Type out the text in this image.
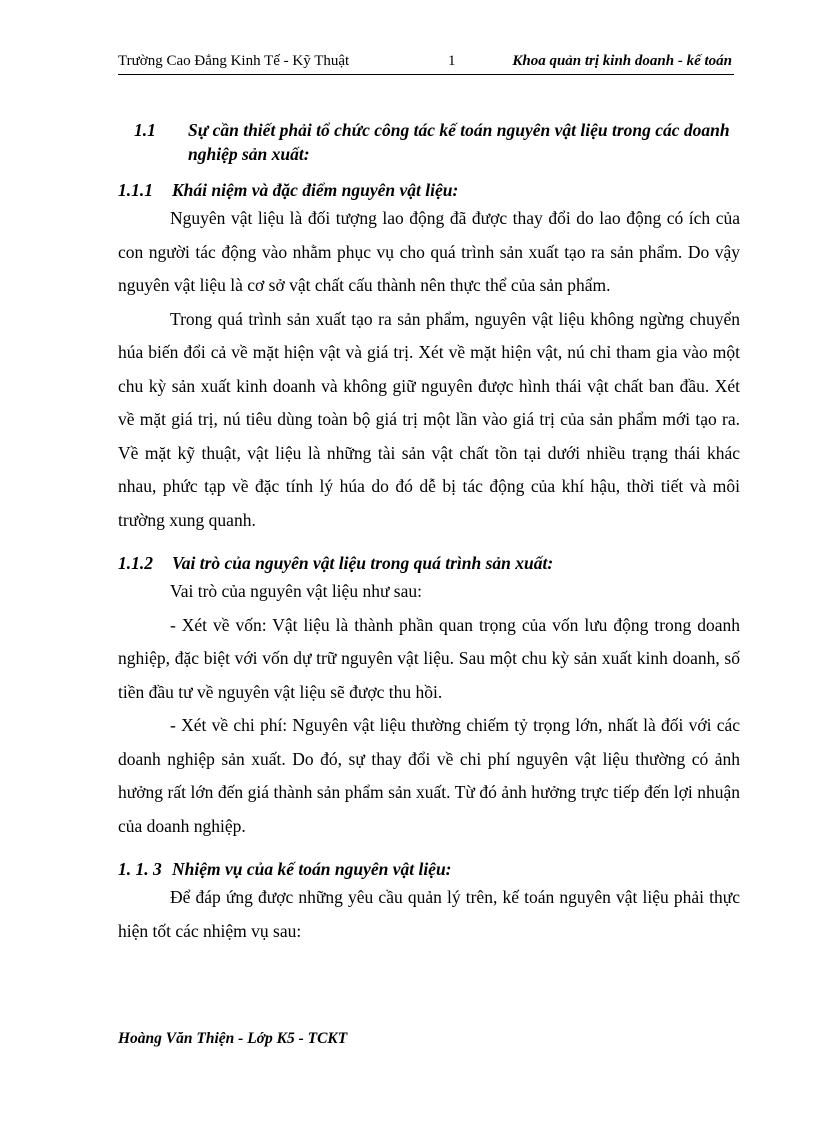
Trường Cao Đẳng Kinh Tế - Kỹ Thuật	1	Khoa quản trị kinh doanh - kế toán
1.1 Sự cần thiết phải tổ chức công tác kế toán nguyên vật liệu trong các doanh nghiệp sản xuất:
1.1.1 Khái niệm và đặc điểm nguyên vật liệu:

Nguyên vật liệu là đối tượng lao động đã được thay đổi do lao động có ích của con người tác động vào nhằm phục vụ cho quá trình sản xuất tạo ra sản phẩm. Do vậy nguyên vật liệu là cơ sở vật chất cấu thành nên thực thể của sản phẩm.

Trong quá trình sản xuất tạo ra sản phẩm, nguyên vật liệu không ngừng chuyển húa biến đổi cả về mặt hiện vật và giá trị. Xét về mặt hiện vật, nú chỉ tham gia vào một chu kỳ sản xuất kinh doanh và không giữ nguyên được hình thái vật chất ban đầu. Xét về mặt giá trị, nú tiêu dùng toàn bộ giá trị một lần vào giá trị của sản phẩm mới tạo ra. Về mặt kỹ thuật, vật liệu là những tài sản vật chất tồn tại dưới nhiều trạng thái khác nhau, phức tạp về đặc tính lý húa do đó dễ bị tác động của khí hậu, thời tiết và môi trường xung quanh.

1.1.2 Vai trò của nguyên vật liệu trong quá trình sản xuất:

Vai trò của nguyên vật liệu như sau:

- Xét về vốn: Vật liệu là thành phần quan trọng của vốn lưu động trong doanh nghiệp, đặc biệt với vốn dự trữ nguyên vật liệu. Sau một chu kỳ sản xuất kinh doanh, số tiền đầu tư về nguyên vật liệu sẽ được thu hồi.

- Xét về chi phí: Nguyên vật liệu thường chiếm tỷ trọng lớn, nhất là đối với các doanh nghiệp sản xuất. Do đó, sự thay đổi về chi phí nguyên vật liệu thường có ảnh hưởng rất lớn đến giá thành sản phẩm sản xuất. Từ đó ảnh hưởng trực tiếp đến lợi nhuận của doanh nghiệp.

1. 1. 3 Nhiệm vụ của kế toán nguyên vật liệu:

Để đáp ứng được những yêu cầu quản lý trên, kế toán nguyên vật liệu phải thực hiện tốt các nhiệm vụ sau:

Hoàng Văn Thiện - Lớp K5 - TCKT
